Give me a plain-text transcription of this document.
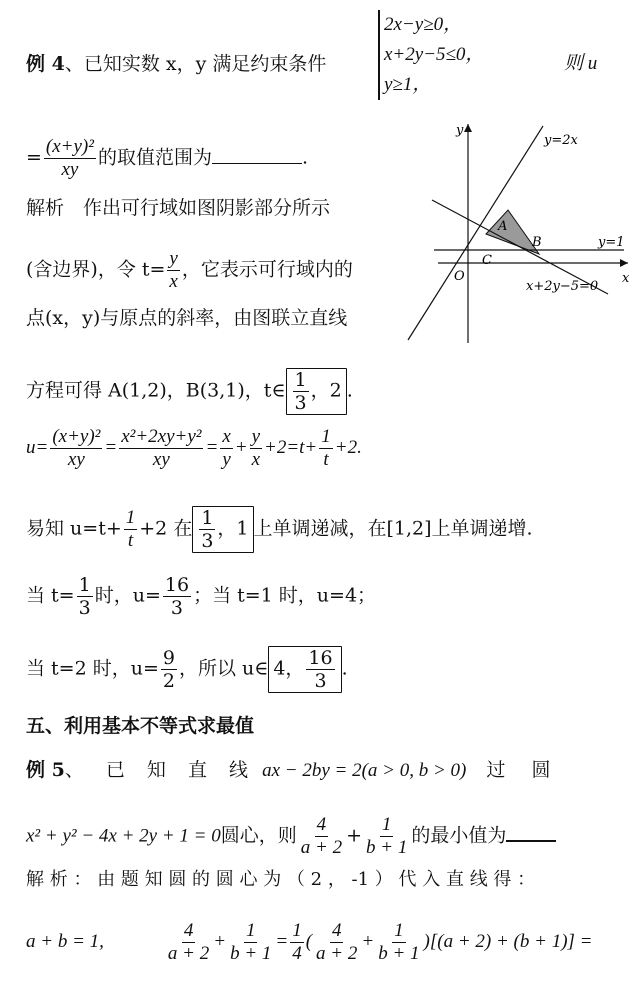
例 4、已知实数 x，y 满足约束条件
2x−y≥0，
x+2y−5≤0，
y≥1，
则 u
= $\frac{\text{(x+y)²}}{xy}$ 的取值范围为	.
解析　作出可行域如图阴影部分所示
(含边界)，令 $t= \frac{y}{x}$ ，它表示可行域内的
点(x，y)与原点的斜率，由图联立直线
方程可得 A(1,2)，B(3,1)，t∈ $\frac{1}{3}$ ，2 .
$u= \frac{\text{(x+y)²}}{xy} = \frac{\text{x²+2xy+y²}}{xy} = \frac{x}{y} + \frac{y}{x} +2=t+ \frac{1}{t} +2$.
易知 $u=t+ \frac{1}{t} +2$ 在 $\frac{1}{3}$ ，1 上单调递减，在[1,2]上单调递增.
当 $t= \frac{1}{3}$ 时，$u= \frac{16}{3}$ ；当 t=1 时，u=4；
当 t=2 时，$u= \frac{9}{2}$ ，所以 u∈ 4， $\frac{16}{3}$ .
五、利用基本不等式求最值
例 5、 已 知 直 线 ax − 2by = 2(a > 0, b > 0) 过 圆
x² + y² − 4x + 2y + 1 = 0圆心，则 $\frac{4}{a + 2} + \frac{1}{b + 1}$ 的最小值为
解 析 ： 由 题 知 圆 的 圆 心 为 （ 2 ， -1 ） 代 入 直 线 得 ：
a + b = 1,	$\frac{4}{a + 2} + \frac{1}{b + 1} = \frac{1}{4}$ ( $\frac{4}{a + 2} + \frac{1}{b + 1} )[(a + 2) + (b + 1)]$ =
y
x
O
y=2x
y=1
x+2y−5=0
A
B
C
